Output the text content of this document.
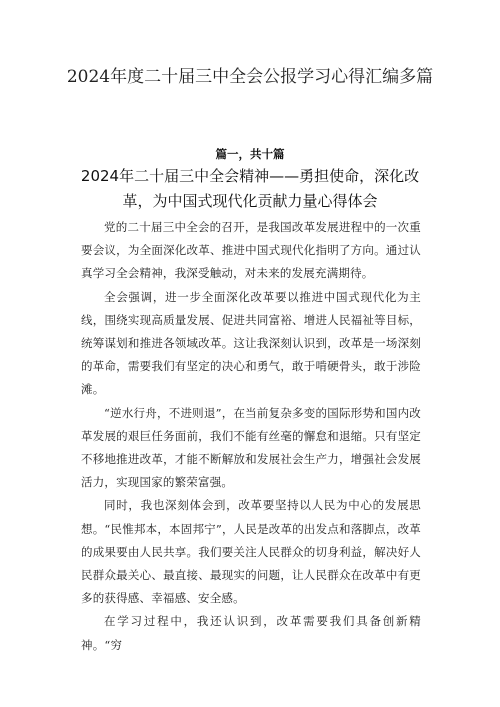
2024年度二十届三中全会公报学习心得汇编多篇
篇一，共十篇
2024年二十届三中全会精神——勇担使命，深化改革，为中国式现代化贡献力量心得体会

党的二十届三中全会的召开，是我国改革发展进程中的一次重要会议，为全面深化改革、推进中国式现代化指明了方向。通过认真学习全会精神，我深受触动，对未来的发展充满期待。

全会强调，进一步全面深化改革要以推进中国式现代化为主线，围绕实现高质量发展、促进共同富裕、增进人民福祉等目标，统筹谋划和推进各领域改革。这让我深刻认识到，改革是一场深刻的革命，需要我们有坚定的决心和勇气，敢于啃硬骨头，敢于涉险滩。

“逆水行舟，不进则退”，在当前复杂多变的国际形势和国内改革发展的艰巨任务面前，我们不能有丝毫的懈怠和退缩。只有坚定不移地推进改革，才能不断解放和发展社会生产力，增强社会发展活力，实现国家的繁荣富强。

同时，我也深刻体会到，改革要坚持以人民为中心的发展思想。“民惟邦本，本固邦宁”，人民是改革的出发点和落脚点，改革的成果要由人民共享。我们要关注人民群众的切身利益，解决好人民群众最关心、最直接、最现实的问题，让人民群众在改革中有更多的获得感、幸福感、安全感。

在学习过程中，我还认识到，改革需要我们具备创新精神。“穷
